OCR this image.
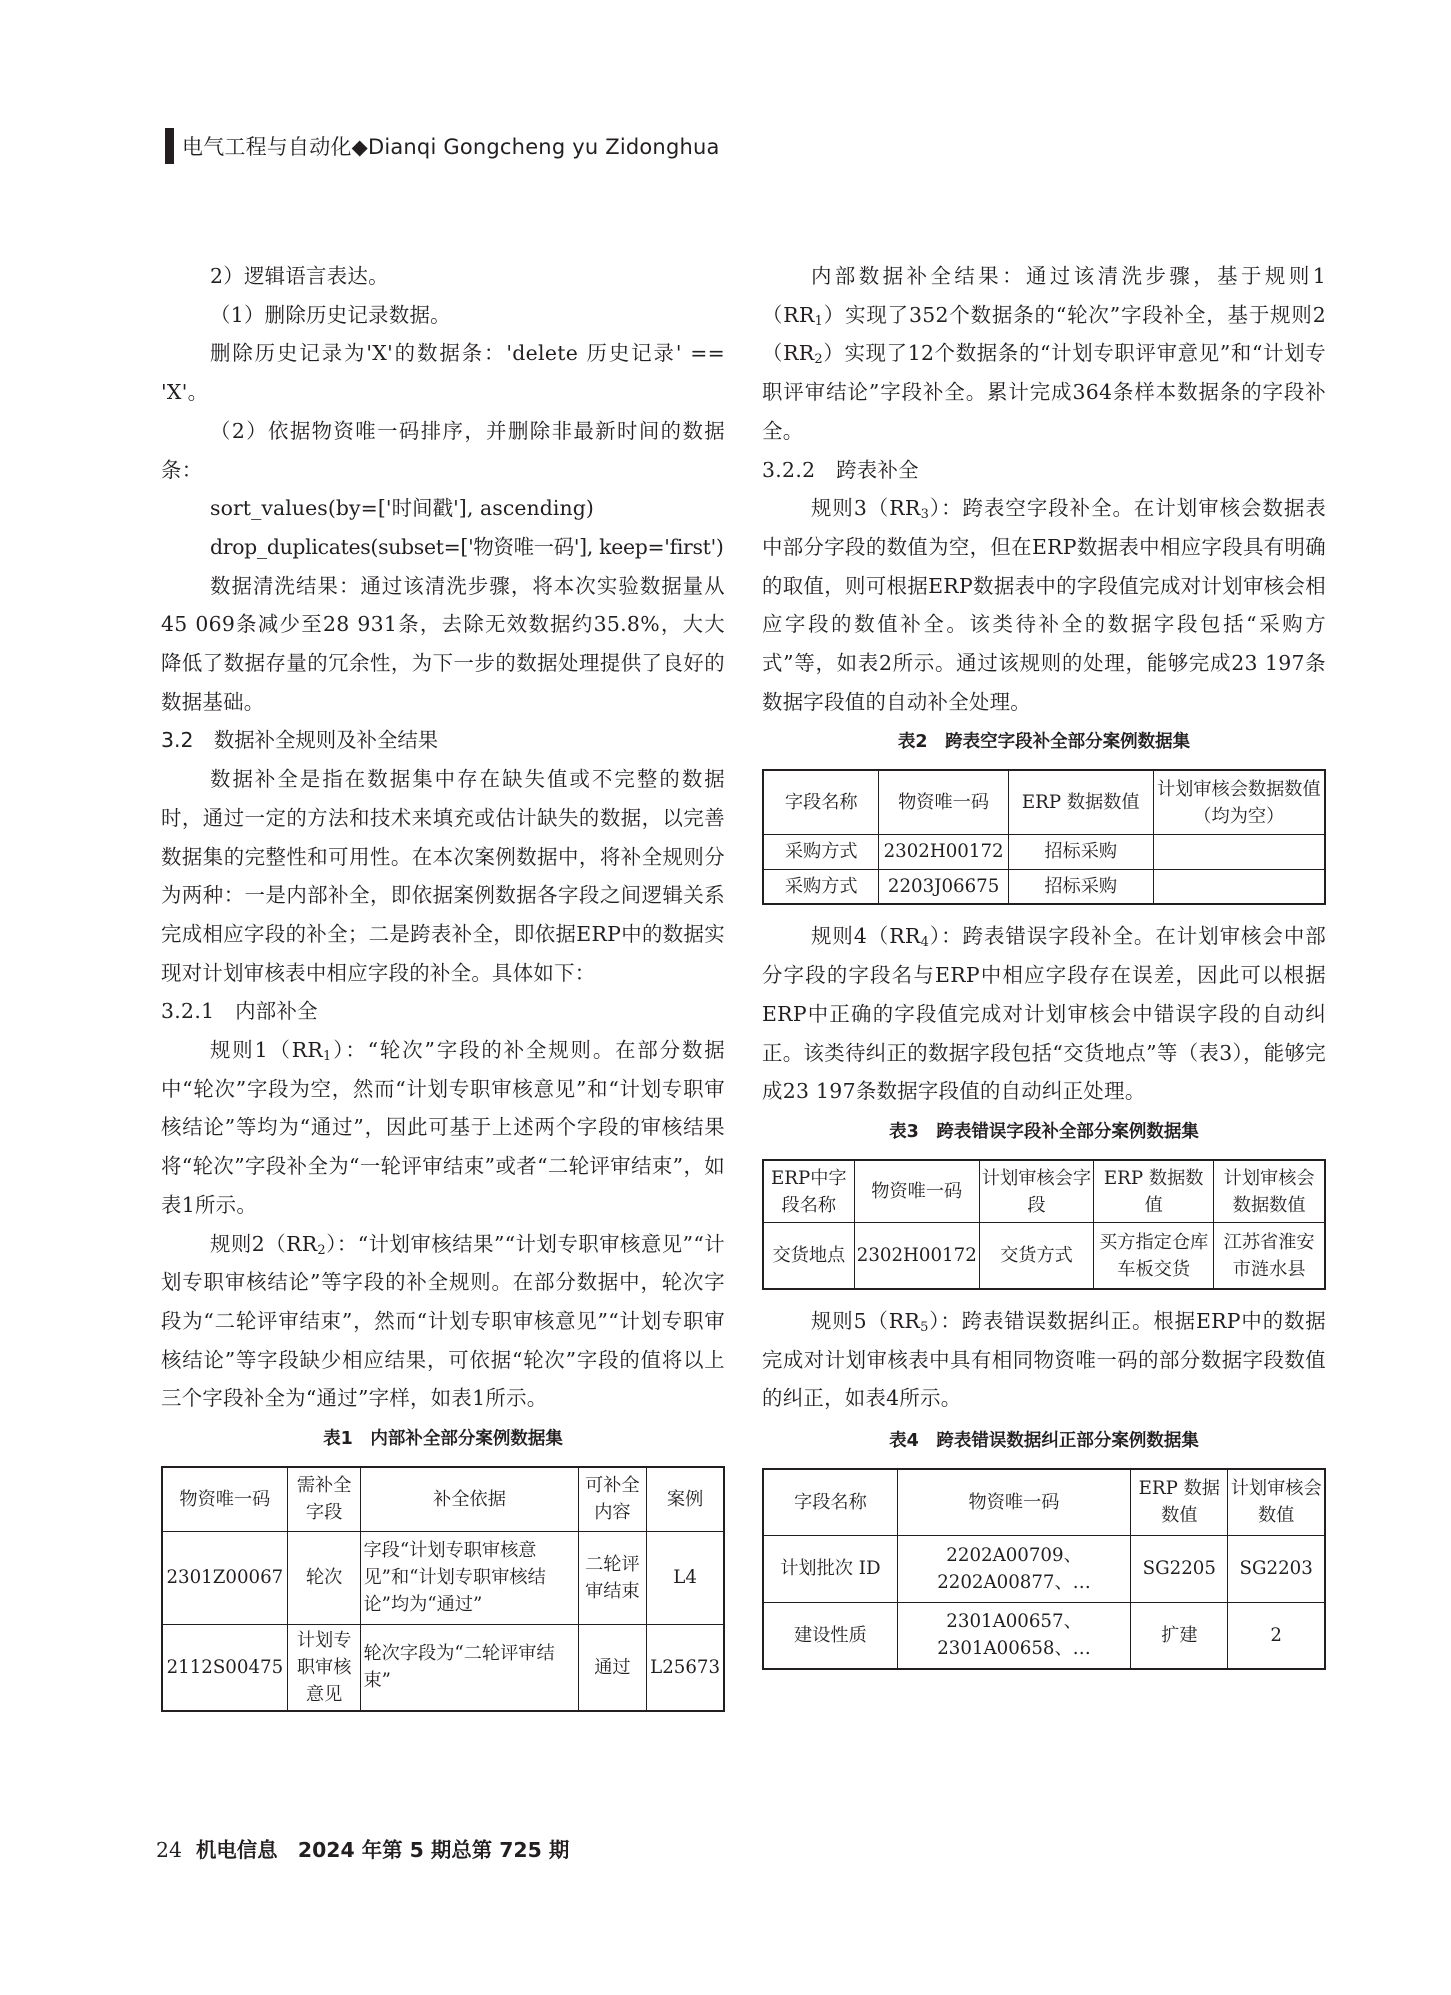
电气工程与自动化◆Dianqi Gongcheng yu Zidonghua

2）逻辑语言表达。

（1）删除历史记录数据。

删除历史记录为'X'的数据条：'delete 历史记录' == 'X'。

（2）依据物资唯一码排序，并删除非最新时间的数据条：

sort_values(by=['时间戳'], ascending)

drop_duplicates(subset=['物资唯一码'], keep='first')

数据清洗结果：通过该清洗步骤，将本次实验数据量从45 069条减少至28 931条，去除无效数据约35.8%，大大降低了数据存量的冗余性，为下一步的数据处理提供了良好的数据基础。

3.2　数据补全规则及补全结果

数据补全是指在数据集中存在缺失值或不完整的数据时，通过一定的方法和技术来填充或估计缺失的数据，以完善数据集的完整性和可用性。在本次案例数据中，将补全规则分为两种：一是内部补全，即依据案例数据各字段之间逻辑关系完成相应字段的补全；二是跨表补全，即依据ERP中的数据实现对计划审核表中相应字段的补全。具体如下：

3.2.1　内部补全

规则$1(RR_1)$：“轮次”字段的补全规则。在部分数据中“轮次”字段为空，然而“计划专职审核意见”和“计划专职审核结论”等均为“通过”，因此可基于上述两个字段的审核结果将“轮次”字段补全为“一轮评审结束”或者“二轮评审结束”，如表1所示。

规则$2(RR_2)$：“计划审核结果”“计划专职审核意见”“计划专职审核结论”等字段的补全规则。在部分数据中，轮次字段为“二轮评审结束”，然而“计划专职审核意见”“计划专职审核结论”等字段缺少相应结果，可依据“轮次”字段的值将以上三个字段补全为“通过”字样，如表1所示。

表1　内部补全部分案例数据集
物资唯一码	需补全字段	补全依据	可补全内容	案例
2301Z00067	轮次	字段“计划专职审核意见”和“计划专职审核结论”均为“通过”	二轮评审结束	L4
2112S00475	计划专职审核意见	轮次字段为“二轮评审结束”	通过	L25673

内部数据补全结果：通过该清洗步骤，基于规则$1(RR_1)$实现了352个数据条的“轮次”字段补全，基于规则$2(RR_2)$实现了12个数据条的“计划专职评审意见”和“计划专职评审结论”字段补全。累计完成364条样本数据条的字段补全。

3.2.2　跨表补全

规则$3(RR_3)$：跨表空字段补全。在计划审核会数据表中部分字段的数值为空，但在ERP数据表中相应字段具有明确的取值，则可根据ERP数据表中的字段值完成对计划审核会相应字段的数值补全。该类待补全的数据字段包括“采购方式”等，如表2所示。通过该规则的处理，能够完成23 197条数据字段值的自动补全处理。

表2　跨表空字段补全部分案例数据集
字段名称	物资唯一码	ERP 数据数值	计划审核会数据数值（均为空）
采购方式	2302H00172	招标采购	
采购方式	2203J06675	招标采购	

规则$4(RR_4)$：跨表错误字段补全。在计划审核会中部分字段的字段名与ERP中相应字段存在误差，因此可以根据ERP中正确的字段值完成对计划审核会中错误字段的自动纠正。该类待纠正的数据字段包括“交货地点”等（表3），能够完成23 197条数据字段值的自动纠正处理。

表3　跨表错误字段补全部分案例数据集
ERP中字段名称	物资唯一码	计划审核会字段	ERP 数据数值	计划审核会数据数值
交货地点	2302H00172	交货方式	买方指定仓库车板交货	江苏省淮安市涟水县

规则$5(RR_5)$：跨表错误数据纠正。根据ERP中的数据完成对计划审核表中具有相同物资唯一码的部分数据字段数值的纠正，如表4所示。

表4　跨表错误数据纠正部分案例数据集
字段名称	物资唯一码	ERP 数据数值	计划审核会数值
计划批次 ID	2202A00709、2202A00877、…	SG2205	SG2203
建设性质	2301A00657、2301A00658、…	扩建	2
24 机电信息　2024 年第 5 期总第 725 期
